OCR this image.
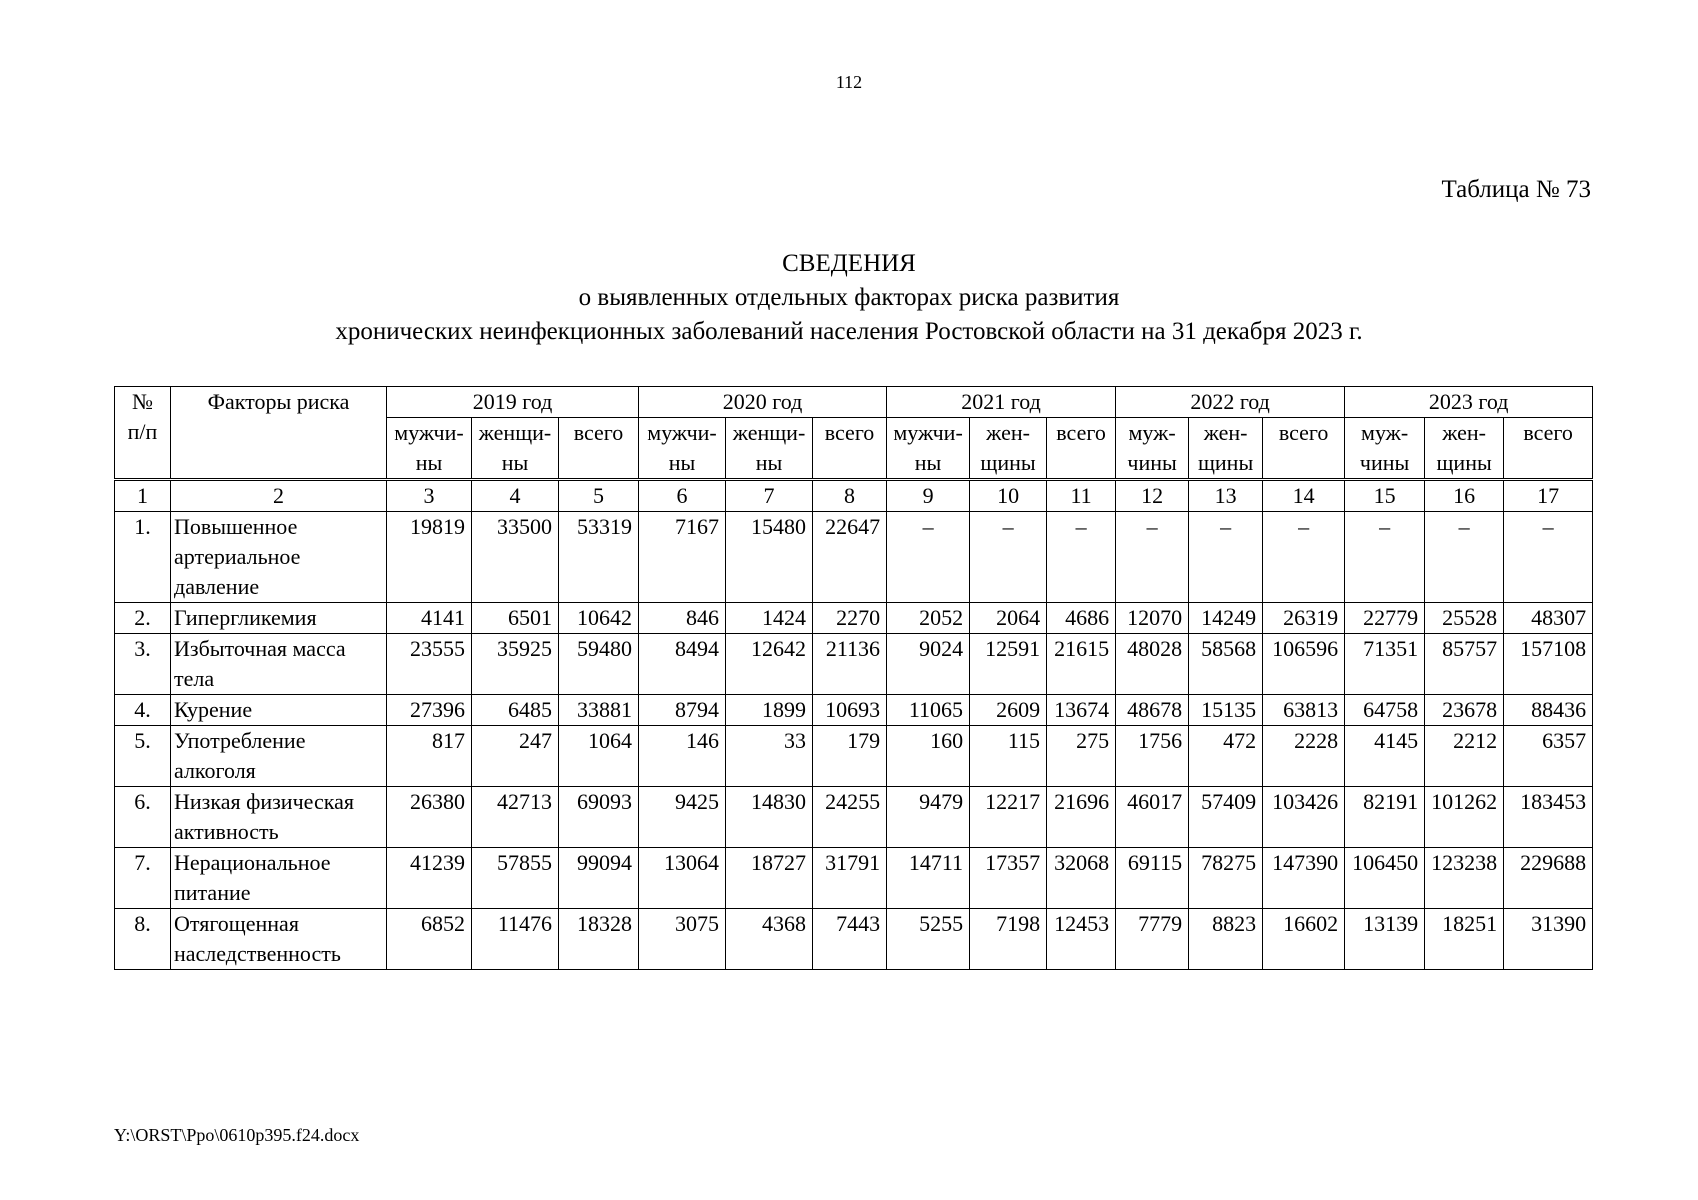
112
Таблица № 73
СВЕДЕНИЯ
о выявленных отдельных факторах риска развития
хронических неинфекционных заболеваний населения Ростовской области на 31 декабря 2023 г.
№
п/п	Факторы риска	2019 год			2020 год			2021 год			2022 год			2023 год		
		мужчи-	женщи-	всего	мужчи-	женщи-	всего	мужчи-	жен-	всего	муж-	жен-	всего	муж-	жен-	всего
		ны	ны		ны	ны		ны	щины		чины	щины		чины	щины	
1	2	3	4	5	6	7	8	9	10	11	12	13	14	15	16	17
1.	Повышенное артериальное давление	19819	33500	53319	7167	15480	22647	–	–	–	–	–	–	–	–	–
2.	Гипергликемия	4141	6501	10642	846	1424	2270	2052	2064	4686	12070	14249	26319	22779	25528	48307
3.	Избыточная масса тела	23555	35925	59480	8494	12642	21136	9024	12591	21615	48028	58568	106596	71351	85757	157108
4.	Курение	27396	6485	33881	8794	1899	10693	11065	2609	13674	48678	15135	63813	64758	23678	88436
5.	Употребление алкоголя	817	247	1064	146	33	179	160	115	275	1756	472	2228	4145	2212	6357
6.	Низкая физическая активность	26380	42713	69093	9425	14830	24255	9479	12217	21696	46017	57409	103426	82191	101262	183453
7.	Нерациональное питание	41239	57855	99094	13064	18727	31791	14711	17357	32068	69115	78275	147390	106450	123238	229688
8.	Отягощенная наследственность	6852	11476	18328	3075	4368	7443	5255	7198	12453	7779	8823	16602	13139	18251	31390
Y:\ORST\Ppo\0610p395.f24.docx
